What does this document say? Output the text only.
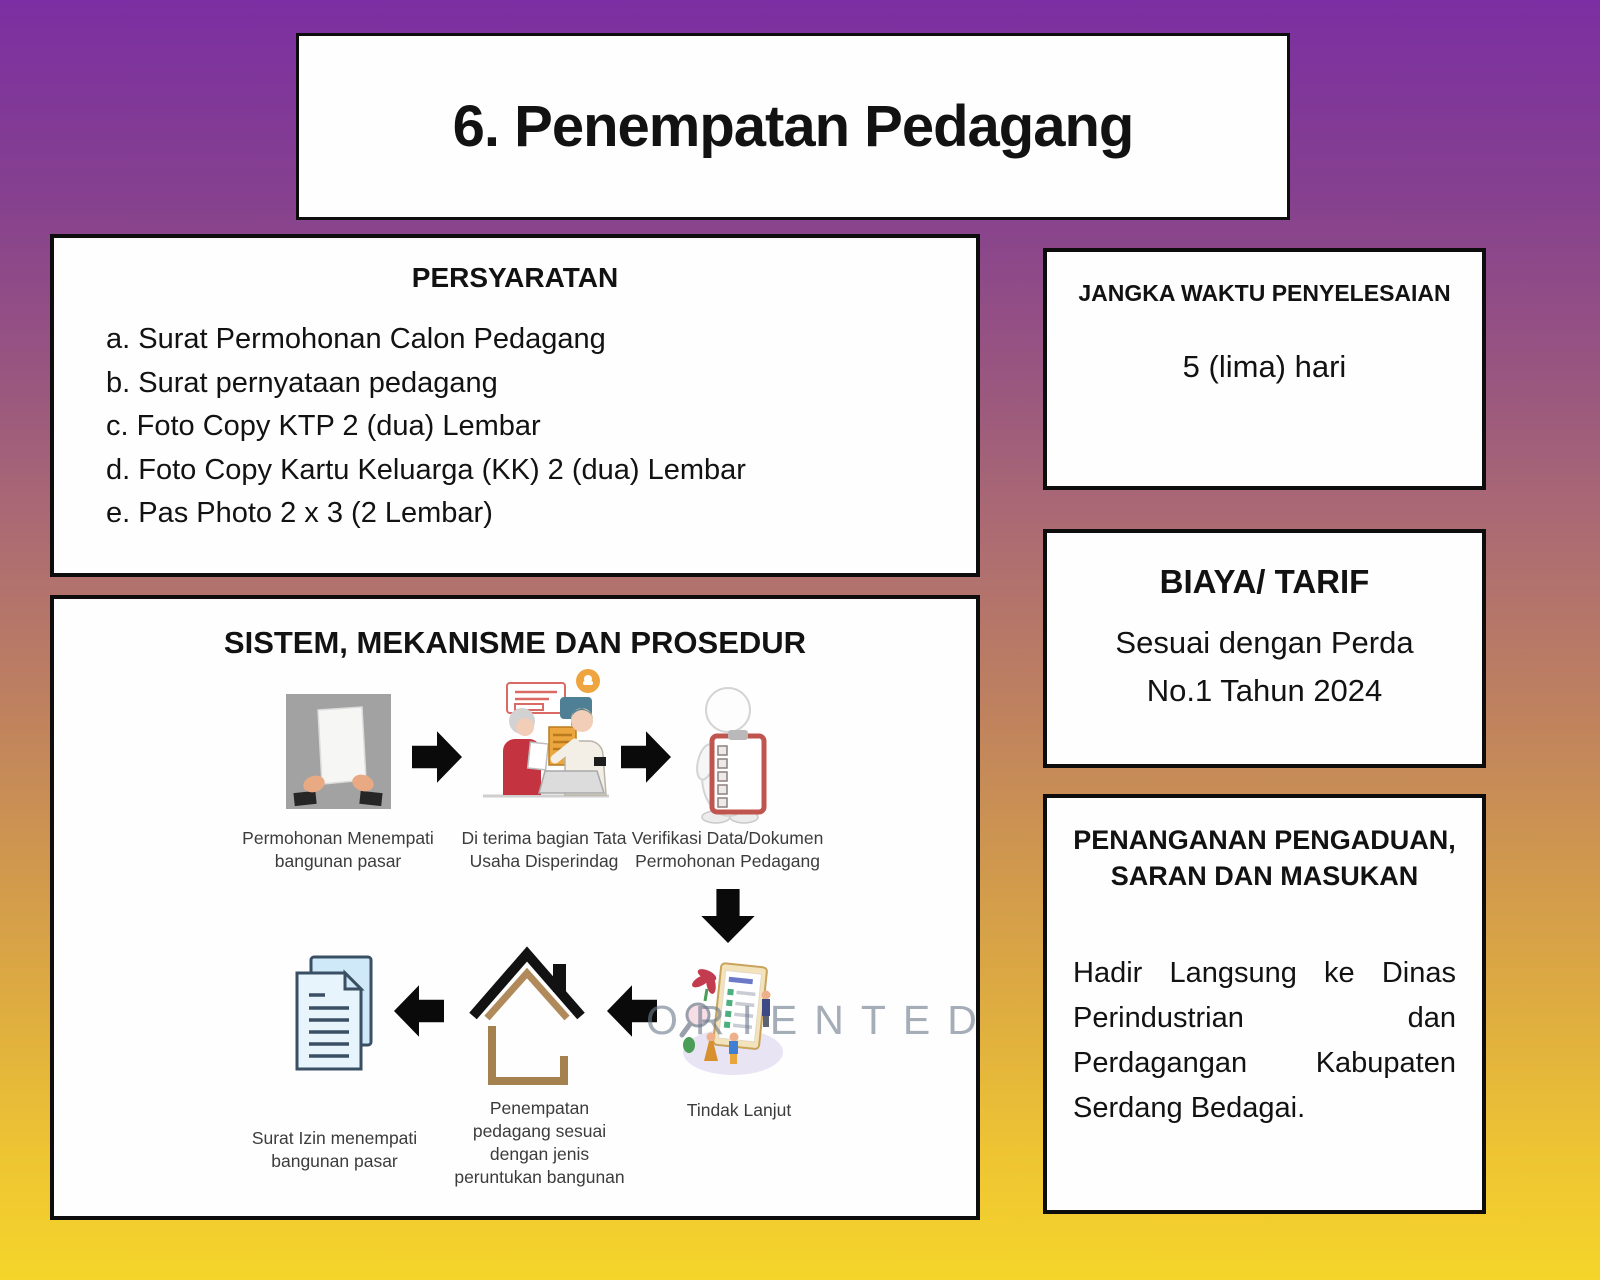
6. Penempatan Pedagang
PERSYARATAN
a. Surat Permohonan Calon Pedagang
b. Surat pernyataan pedagang
c. Foto Copy KTP 2 (dua) Lembar
d. Foto Copy Kartu Keluarga (KK) 2 (dua) Lembar
e. Pas Photo 2 x 3 (2 Lembar)
SISTEM, MEKANISME DAN PROSEDUR
Permohonan Menempati bangunan pasar
Di terima bagian Tata Usaha Disperindag
Verifikasi Data/Dokumen Permohonan Pedagang
ORIENTED
Tindak Lanjut
Penempatan pedagang sesuai dengan jenis peruntukan bangunan
Surat Izin menempati bangunan pasar
JANGKA WAKTU PENYELESAIAN
5 (lima) hari
BIAYA/ TARIF
Sesuai dengan Perda No.1 Tahun 2024
PENANGANAN PENGADUAN, SARAN DAN MASUKAN
Hadir Langsung ke Dinas Perindustrian dan Perdagangan Kabupaten Serdang Bedagai.
